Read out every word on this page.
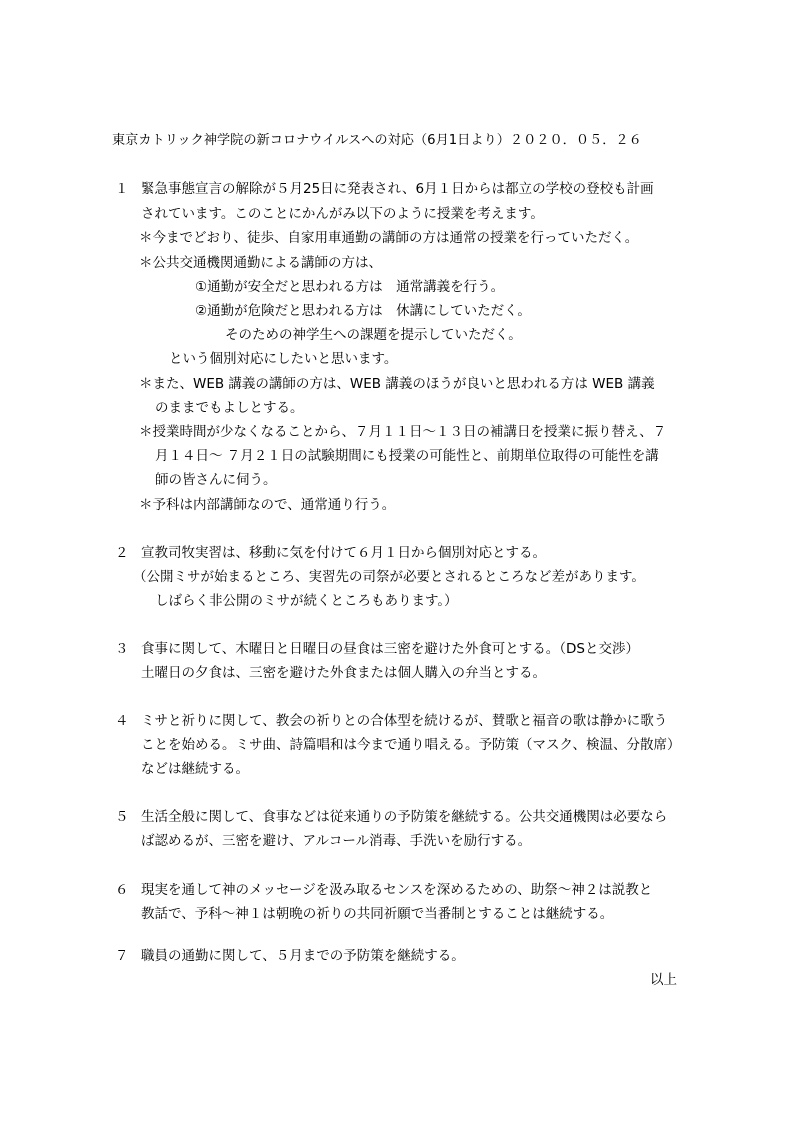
東京カトリック神学院の新コロナウイルスへの対応（6月1日より）２０２０．０５．２６
１ 緊急事態宣言の解除が５月25日に発表され、6月１日からは都立の学校の登校も計画
されています。このことにかんがみ以下のように授業を考えます。
＊今までどおり、徒歩、自家用車通勤の講師の方は通常の授業を行っていただく。
＊公共交通機関通勤による講師の方は、
①通勤が安全だと思われる方は　通常講義を行う。
②通勤が危険だと思われる方は　休講にしていただく。
そのための神学生への課題を提示していただく。
という個別対応にしたいと思います。
＊また、WEB 講義の講師の方は、WEB 講義のほうが良いと思われる方は WEB 講義
のままでもよしとする。
＊授業時間が少なくなることから、７月１１日～１３日の補講日を授業に振り替え、７
月１４日～ ７月２１日の試験期間にも授業の可能性と、前期単位取得の可能性を講
師の皆さんに伺う。
＊予科は内部講師なので、通常通り行う。
２ 宣教司牧実習は、移動に気を付けて６月１日から個別対応とする。
（公開ミサが始まるところ、実習先の司祭が必要とされるところなど差があります。
しばらく非公開のミサが続くところもあります。）
３ 食事に関して、木曜日と日曜日の昼食は三密を避けた外食可とする。（DSと交渉）
土曜日の夕食は、三密を避けた外食または個人購入の弁当とする。
４ ミサと祈りに関して、教会の祈りとの合体型を続けるが、賛歌と福音の歌は静かに歌う
ことを始める。ミサ曲、詩篇唱和は今まで通り唱える。予防策（マスク、検温、分散席）
などは継続する。
５ 生活全般に関して、食事などは従来通りの予防策を継続する。公共交通機関は必要なら
ば認めるが、三密を避け、アルコール消毒、手洗いを励行する。
６ 現実を通して神のメッセージを汲み取るセンスを深めるための、助祭～神２は説教と
教話で、予科～神１は朝晩の祈りの共同祈願で当番制とすることは継続する。
７ 職員の通勤に関して、５月までの予防策を継続する。
以上
